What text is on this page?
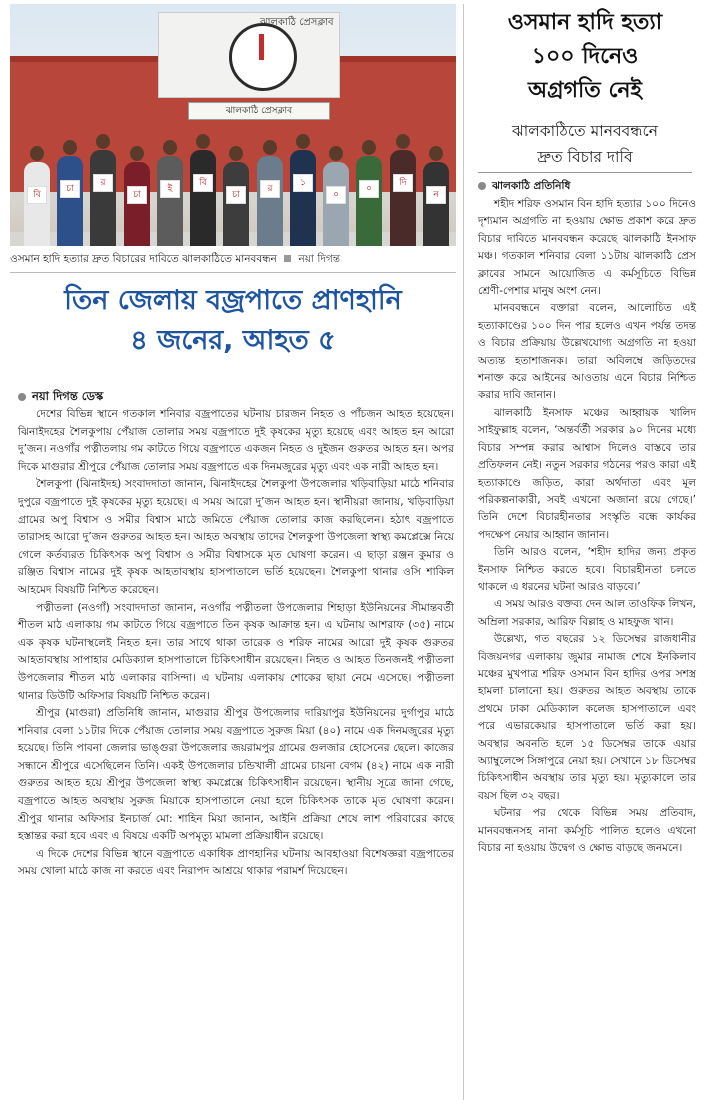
ঝালকাঠি প্রেসক্লাব
ঝালকাঠি প্রেসক্লাব
বি
চা
র
চা
ই
বি
চা
র
১
০
০
দি
ন
ওসমান হাদি হত্যার দ্রুত বিচারের দাবিতে ঝালকাঠিতে মানববন্ধন নয়া দিগন্ত
তিন জেলায় বজ্রপাতে প্রাণহানি
৪ জনের, আহত ৫
নয়া দিগন্ত ডেস্ক

দেশের বিভিন্ন স্থানে গতকাল শনিবার বজ্রপাতের ঘটনায় চারজন নিহত ও পাঁচজন আহত হয়েছেন। ঝিনাইদহের শৈলকুপায় পেঁয়াজ তোলার সময় বজ্রপাতে দুই কৃষকের মৃত্যু হয়েছে এবং আহত হন আরো দু’জন। নওগাঁর পত্নীতলায় গম কাটতে গিয়ে বজ্রপাতে একজন নিহত ও দুইজন গুরুতর আহত হন। অপর দিকে মাগুরার শ্রীপুরে পেঁয়াজ তোলার সময় বজ্রপাতে এক দিনমজুরের মৃত্যু এবং এক নারী আহত হন।

শৈলকুপা (ঝিনাইদহ) সংবাদদাতা জানান, ঝিনাইদহের শৈলকুপা উপজেলার খড়িবাড়িয়া মাঠে শনিবার দুপুরে বজ্রপাতে দুই কৃষকের মৃত্যু হয়েছে। এ সময় আরো দু’জন আহত হন। স্থানীয়রা জানায়, খড়িবাড়িয়া গ্রামের অপু বিশ্বাস ও সমীর বিশ্বাস মাঠে জমিতে পেঁয়াজ তোলার কাজ করছিলেন। হঠাৎ বজ্রপাতে তারাসহ আরো দু’জন গুরুতর আহত হন। আহত অবস্থায় তাদের শৈলকুপা উপজেলা স্বাস্থ্য কমপ্লেক্সে নিয়ে গেলে কর্তব্যরত চিকিৎসক অপু বিশ্বাস ও সমীর বিশ্বাসকে মৃত ঘোষণা করেন। এ ছাড়া রঞ্জন কুমার ও রঞ্জিত বিশ্বাস নামের দুই কৃষক আহতাবস্থায় হাসপাতালে ভর্তি হয়েছেন। শৈলকুপা থানার ওসি শাকিল আহমেদ বিষয়টি নিশ্চিত করেছেন।

পত্নীতলা (নওগাঁ) সংবাদদাতা জানান, নওগাঁর পত্নীতলা উপজেলার শিহাড়া ইউনিয়নের সীমান্তবর্তী শীতল মাঠ এলাকায় গম কাটতে গিয়ে বজ্রপাতে তিন কৃষক আক্রান্ত হন। এ ঘটনায় আশরাফ (৩৫) নামে এক কৃষক ঘটনাস্থলেই নিহত হন। তার সাথে থাকা তারেক ও শরিফ নামের আরো দুই কৃষক গুরুতর আহতাবস্থায় সাপাহার মেডিক্যাল হাসপাতালে চিকিৎসাধীন রয়েছেন। নিহত ও আহত তিনজনই পত্নীতলা উপজেলার শীতল মাঠ এলাকার বাসিন্দা। এ ঘটনায় এলাকায় শোকের ছায়া নেমে এসেছে। পত্নীতলা থানার ডিউটি অফিসার বিষয়টি নিশ্চিত করেন।

শ্রীপুর (মাগুরা) প্রতিনিধি জানান, মাগুরার শ্রীপুর উপজেলার দারিয়াপুর ইউনিয়নের দুর্গাপুর মাঠে শনিবার বেলা ১১টার দিকে পেঁয়াজ তোলার সময় বজ্রপাতে সুরুজ মিয়া (৪০) নামে এক দিনমজুরের মৃত্যু হয়েছে। তিনি পাবনা জেলার ভাঙ্গুরা উপজেলার জয়রামপুর গ্রামের গুলজার হোসেনের ছেলে। কাজের সন্ধানে শ্রীপুরে এসেছিলেন তিনি। একই উপজেলার চন্ডিখালী গ্রামের চায়না বেগম (৪২) নামে এক নারী গুরুতর আহত হয়ে শ্রীপুর উপজেলা স্বাস্থ্য কমপ্লেক্সে চিকিৎসাধীন রয়েছেন। স্থানীয় সূত্রে জানা গেছে, বজ্রপাতে আহত অবস্থায় সুরুজ মিয়াকে হাসপাতালে নেয়া হলে চিকিৎসক তাকে মৃত ঘোষণা করেন। শ্রীপুর থানার অফিসার ইনচার্জ মো: শাহিন মিয়া জানান, আইনি প্রক্রিয়া শেষে লাশ পরিবারের কাছে হস্তান্তর করা হবে এবং এ বিষয়ে একটি অপমৃত্যু মামলা প্রক্রিয়াধীন রয়েছে।

এ দিকে দেশের বিভিন্ন স্থানে বজ্রপাতে একাধিক প্রাণহানির ঘটনায় আবহাওয়া বিশেষজ্ঞরা বজ্রপাতের সময় খোলা মাঠে কাজ না করতে এবং নিরাপদ আশ্রয়ে থাকার পরামর্শ দিয়েছেন।

ওসমান হাদি হত্যা
১০০ দিনেও
অগ্রগতি নেই
ঝালকাঠিতে মানববন্ধনে
দ্রুত বিচার দাবি
ঝালকাঠি প্রতিনিধি

শহীদ শরিফ ওসমান বিন হাদি হত্যার ১০০ দিনেও দৃশ্যমান অগ্রগতি না হওয়ায় ক্ষোভ প্রকাশ করে দ্রুত বিচার দাবিতে মানববন্ধন করেছে ঝালকাঠি ইনসাফ মঞ্চ। গতকাল শনিবার বেলা ১১টায় ঝালকাঠি প্রেস ক্লাবের সামনে আয়োজিত এ কর্মসূচিতে বিভিন্ন শ্রেণী-পেশার মানুষ অংশ নেন।

মানববন্ধনে বক্তারা বলেন, আলোচিত এই হত্যাকাণ্ডের ১০০ দিন পার হলেও এখন পর্যন্ত তদন্ত ও বিচার প্রক্রিয়ায় উল্লেখযোগ্য অগ্রগতি না হওয়া অত্যন্ত হতাশাজনক। তারা অবিলম্বে জড়িতদের শনাক্ত করে আইনের আওতায় এনে বিচার নিশ্চিত করার দাবি জানান।

ঝালকাঠি ইনসাফ মঞ্চের আহ্বায়ক খালিদ সাইফুল্লাহ বলেন, ‘অন্তর্বর্তী সরকার ৯০ দিনের মধ্যে বিচার সম্পন্ন করার আশ্বাস দিলেও বাস্তবে তার প্রতিফলন নেই। নতুন সরকার গঠনের পরও কারা এই হত্যাকাণ্ডে জড়িত, কারা অর্থদাতা এবং মূল পরিকল্পনাকারী, সবই এখনো অজানা রয়ে গেছে।’ তিনি দেশে বিচারহীনতার সংস্কৃতি বন্ধে কার্যকর পদক্ষেপ নেয়ার আহ্বান জানান।

তিনি আরও বলেন, ‘শহীদ হাদির জন্য প্রকৃত ইনসাফ নিশ্চিত করতে হবে। বিচারহীনতা চলতে থাকলে এ ধরনের ঘটনা আরও বাড়বে।’

এ সময় আরও বক্তব্য দেন আল তাওফিক লিখন, অম্রিলা সরকার, আরিফ বিল্লাহ ও মাহফুজ খান।

উল্লেখ্য, গত বছরের ১২ ডিসেম্বর রাজধানীর বিজয়নগর এলাকায় জুমার নামাজ শেষে ইনকিলাব মঞ্চের মুখপাত্র শরিফ ওসমান বিন হাদির ওপর সশস্ত্র হামলা চালানো হয়। গুরুতর আহত অবস্থায় তাকে প্রথমে ঢাকা মেডিক্যাল কলেজ হাসপাতালে এবং পরে এভারকেয়ার হাসপাতালে ভর্তি করা হয়। অবস্থার অবনতি হলে ১৫ ডিসেম্বর তাকে এয়ার অ্যাম্বুলেন্সে সিঙ্গাপুরে নেয়া হয়। সেখানে ১৮ ডিসেম্বর চিকিৎসাধীন অবস্থায় তার মৃত্যু হয়। মৃত্যুকালে তার বয়স ছিল ৩২ বছর।

ঘটনার পর থেকে বিভিন্ন সময় প্রতিবাদ, মানববন্ধনসহ নানা কর্মসূচি পালিত হলেও এখনো বিচার না হওয়ায় উদ্বেগ ও ক্ষোভ বাড়ছে জনমনে।
